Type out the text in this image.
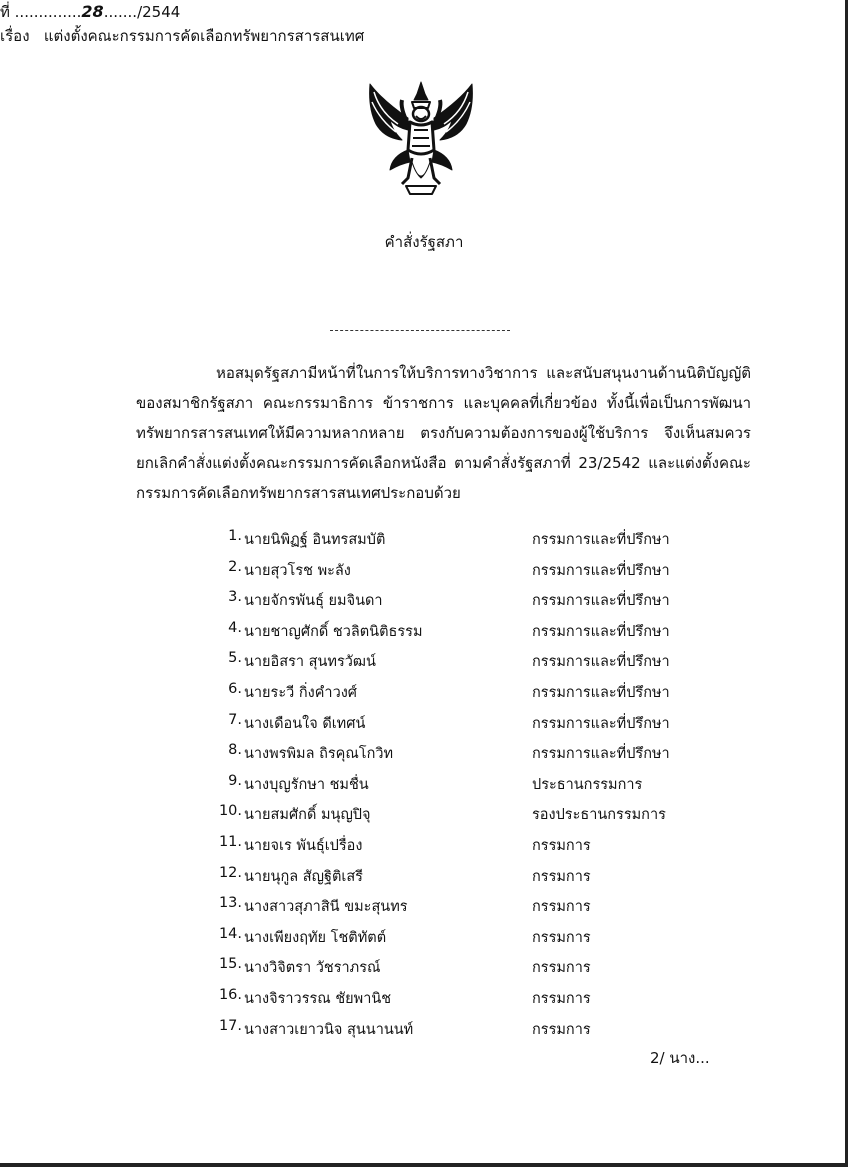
คำสั่งรัฐสภา
ที่ ..............28......./2544
เรื่อง แต่งตั้งคณะกรรมการคัดเลือกทรัพยากรสารสนเทศ

หอสมุดรัฐสภามีหน้าที่ในการให้บริการทางวิชาการ และสนับสนุนงานด้านนิติบัญญัติของสมาชิกรัฐสภา คณะกรรมาธิการ ข้าราชการ และบุคคลที่เกี่ยวข้อง ทั้งนี้เพื่อเป็นการพัฒนาทรัพยากรสารสนเทศให้มีความหลากหลาย ตรงกับความต้องการของผู้ใช้บริการ จึงเห็นสมควรยกเลิกคำสั่งแต่งตั้งคณะกรรมการคัดเลือกหนังสือ ตามคำสั่งรัฐสภาที่ 23/2542 และแต่งตั้งคณะกรรมการคัดเลือกทรัพยากรสารสนเทศประกอบด้วย

1. นายนิพิฏฐ์ อินทรสมบัติ	กรรมการและที่ปรึกษา
2. นายสุวโรช พะลัง	กรรมการและที่ปรึกษา
3. นายจักรพันธุ์ ยมจินดา	กรรมการและที่ปรึกษา
4. นายชาญศักดิ์ ชวลิตนิติธรรม	กรรมการและที่ปรึกษา
5. นายอิสรา สุนทรวัฒน์	กรรมการและที่ปรึกษา
6. นายระวี กิ่งคำวงศ์	กรรมการและที่ปรึกษา
7. นางเดือนใจ ดีเทศน์	กรรมการและที่ปรึกษา
8. นางพรพิมล ถิรคุณโกวิท	กรรมการและที่ปรึกษา
9. นางบุญรักษา ชมชื่น	ประธานกรรมการ
10. นายสมศักดิ์ มนุญปิจุ	รองประธานกรรมการ
11. นายจเร พันธุ์เปรื่อง	กรรมการ
12. นายนุกูล สัญฐิติเสรี	กรรมการ
13. นางสาวสุภาสินี ขมะสุนทร	กรรมการ
14. นางเพียงฤทัย โชติทัตต์	กรรมการ
15. นางวิจิตรา วัชราภรณ์	กรรมการ
16. นางจิราวรรณ ชัยพานิช	กรรมการ
17. นางสาวเยาวนิจ สุนนานนท์	กรรมการ
2/ นาง...
